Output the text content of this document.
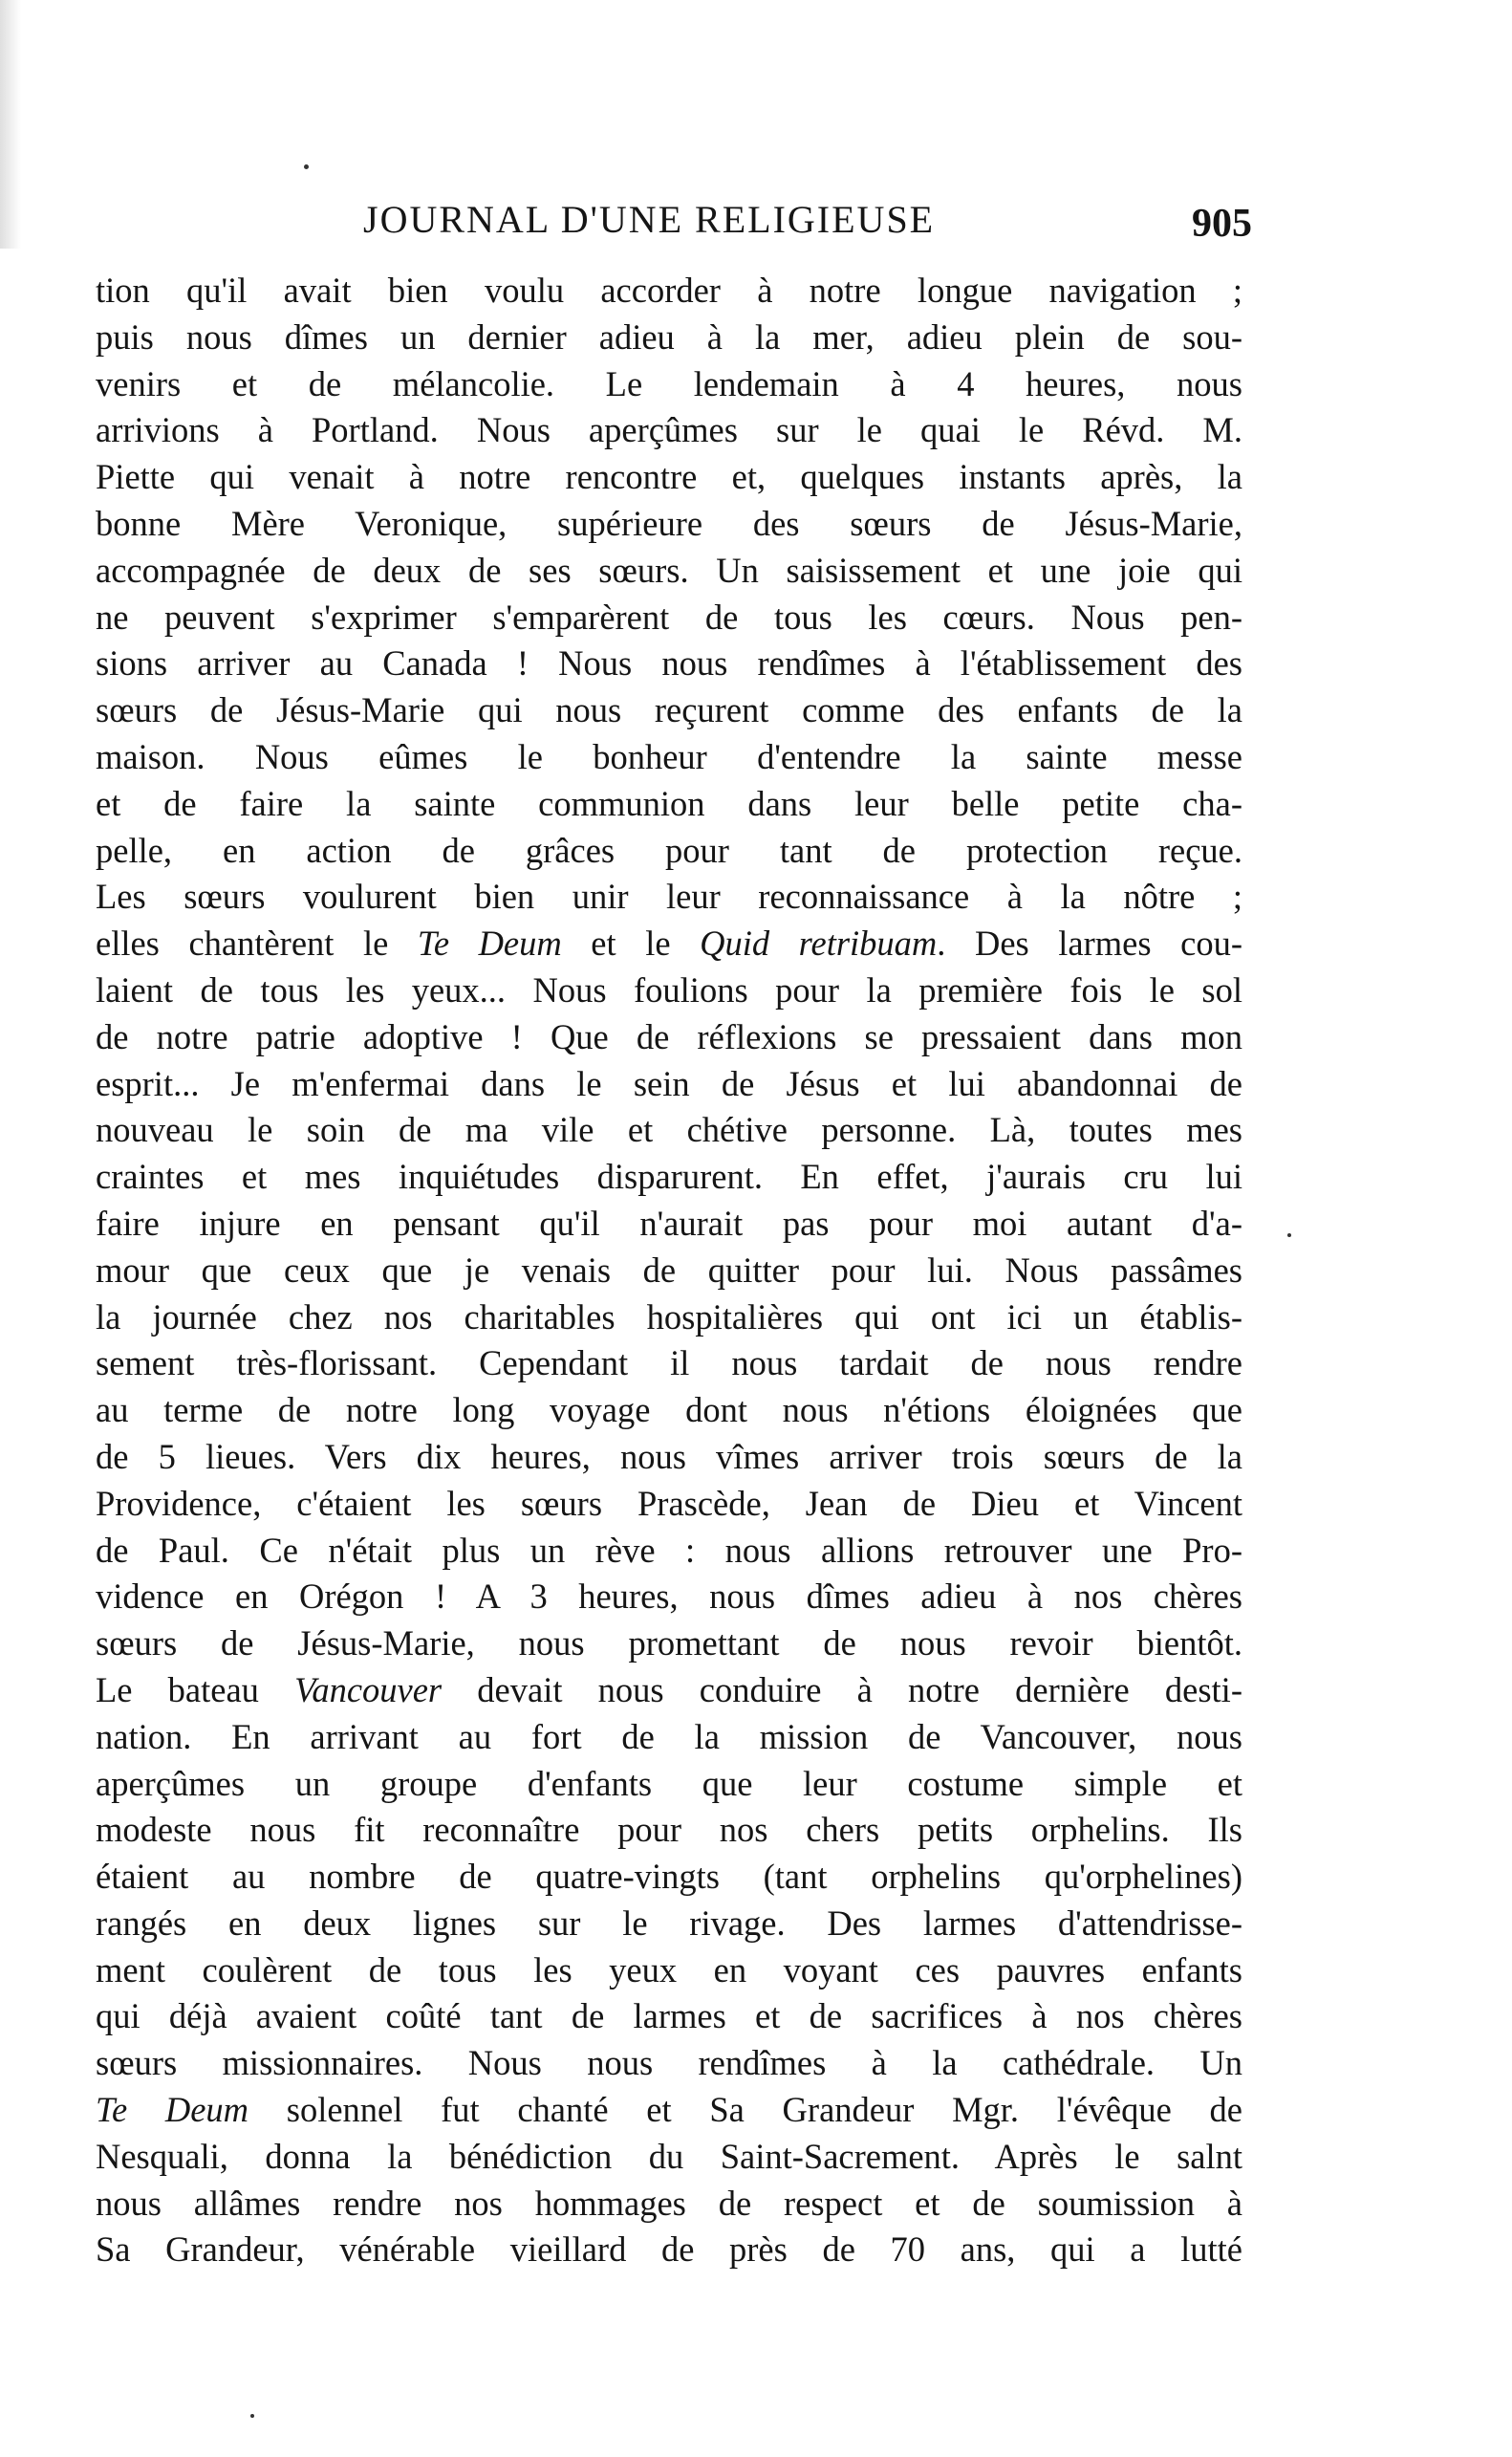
JOURNAL D'UNE RELIGIEUSE	905
tion qu'il avait bien voulu accorder à notre longue navigation ;
puis nous dîmes un dernier adieu à la mer, adieu plein de sou-
venirs et de mélancolie. Le lendemain à 4 heures, nous
arrivions à Portland. Nous aperçûmes sur le quai le Révd. M.
Piette qui venait à notre rencontre et, quelques instants après, la
bonne Mère Veronique, supérieure des sœurs de Jésus-Marie,
accompagnée de deux de ses sœurs. Un saisissement et une joie qui
ne peuvent s'exprimer s'emparèrent de tous les cœurs. Nous pen-
sions arriver au Canada ! Nous nous rendîmes à l'établissement des
sœurs de Jésus-Marie qui nous reçurent comme des enfants de la
maison. Nous eûmes le bonheur d'entendre la sainte messe
et de faire la sainte communion dans leur belle petite cha-
pelle, en action de grâces pour tant de protection reçue.
Les sœurs voulurent bien unir leur reconnaissance à la nôtre ;
elles chantèrent le Te Deum et le Quid retribuam. Des larmes cou-
laient de tous les yeux... Nous foulions pour la première fois le sol
de notre patrie adoptive ! Que de réflexions se pressaient dans mon
esprit... Je m'enfermai dans le sein de Jésus et lui abandonnai de
nouveau le soin de ma vile et chétive personne. Là, toutes mes
craintes et mes inquiétudes disparurent. En effet, j'aurais cru lui
faire injure en pensant qu'il n'aurait pas pour moi autant d'a-
mour que ceux que je venais de quitter pour lui. Nous passâmes
la journée chez nos charitables hospitalières qui ont ici un établis-
sement très-florissant. Cependant il nous tardait de nous rendre
au terme de notre long voyage dont nous n'étions éloignées que
de 5 lieues. Vers dix heures, nous vîmes arriver trois sœurs de la
Providence, c'étaient les sœurs Prascède, Jean de Dieu et Vincent
de Paul. Ce n'était plus un rève : nous allions retrouver une Pro-
vidence en Orégon ! A 3 heures, nous dîmes adieu à nos chères
sœurs de Jésus-Marie, nous promettant de nous revoir bientôt.
Le bateau Vancouver devait nous conduire à notre dernière desti-
nation. En arrivant au fort de la mission de Vancouver, nous
aperçûmes un groupe d'enfants que leur costume simple et
modeste nous fit reconnaître pour nos chers petits orphelins. Ils
étaient au nombre de quatre-vingts (tant orphelins qu'orphelines)
rangés en deux lignes sur le rivage. Des larmes d'attendrisse-
ment coulèrent de tous les yeux en voyant ces pauvres enfants
qui déjà avaient coûté tant de larmes et de sacrifices à nos chères
sœurs missionnaires. Nous nous rendîmes à la cathédrale. Un
Te Deum solennel fut chanté et Sa Grandeur Mgr. l'évêque de
Nesquali, donna la bénédiction du Saint-Sacrement. Après le salnt
nous allâmes rendre nos hommages de respect et de soumission à
Sa Grandeur, vénérable vieillard de près de 70 ans, qui a lutté
